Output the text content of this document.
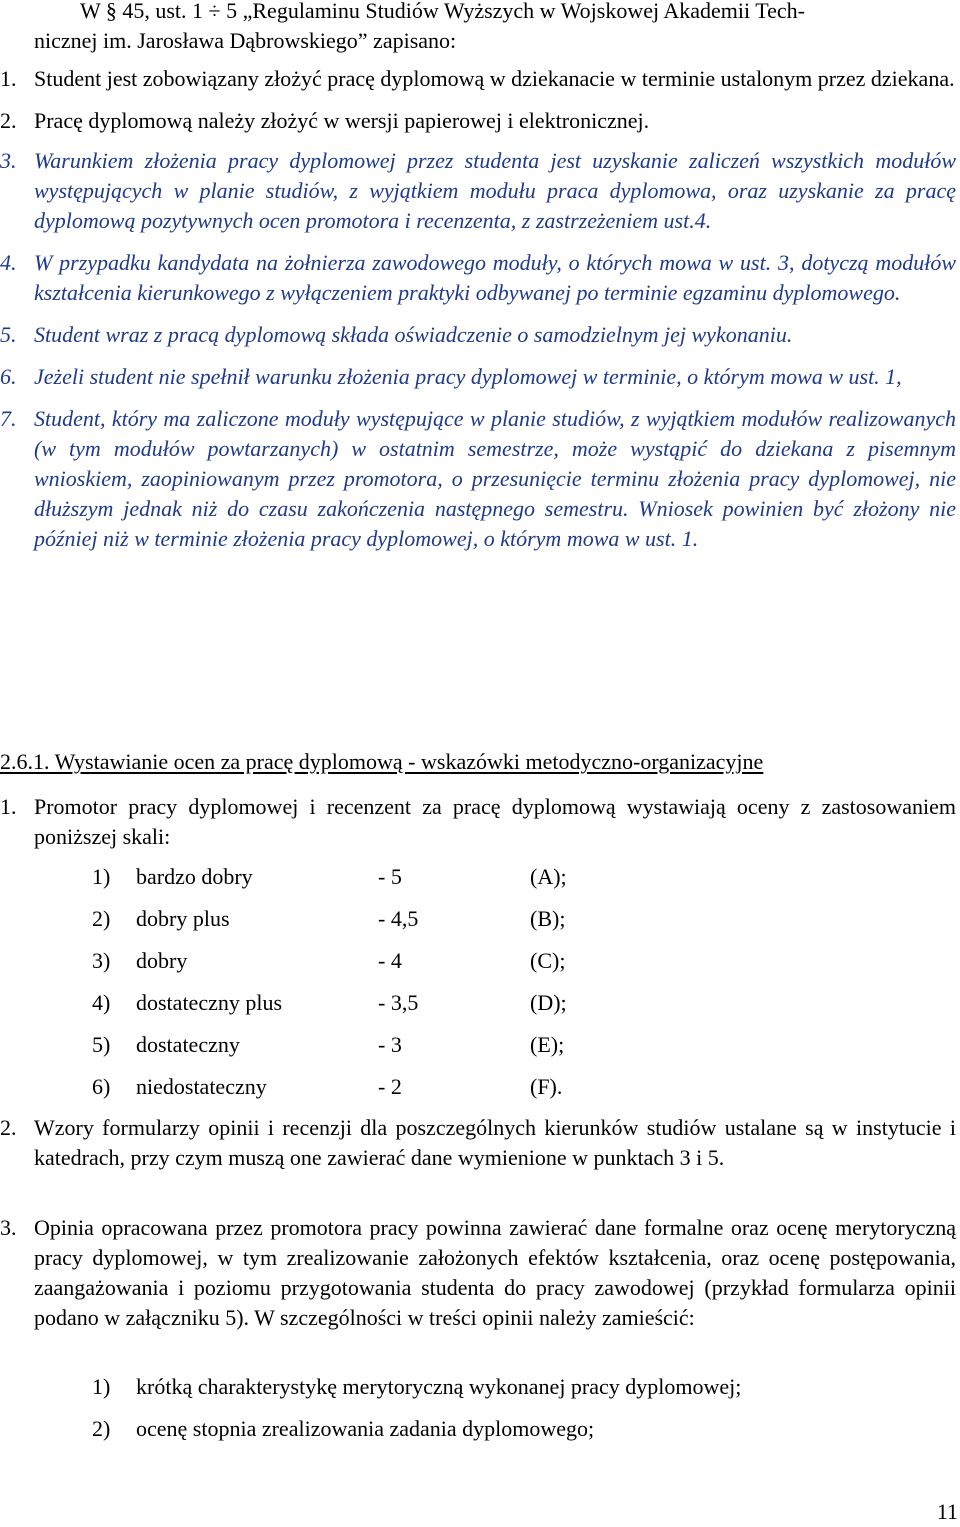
W § 45, ust. 1 ÷ 5 „Regulaminu Studiów Wyższych w Wojskowej Akademii Tech-
nicznej im. Jarosława Dąbrowskiego” zapisano:
1. Student jest zobowiązany złożyć pracę dyplomową w dziekanacie w terminie ustalonym przez dziekana.
2. Pracę dyplomową należy złożyć w wersji papierowej i elektronicznej.
3. Warunkiem złożenia pracy dyplomowej przez studenta jest uzyskanie zaliczeń wszystkich modułów występujących w planie studiów, z wyjątkiem modułu praca dyplomowa, oraz uzyskanie za pracę dyplomową pozytywnych ocen promotora i recenzenta, z zastrzeżeniem ust.4.
4. W przypadku kandydata na żołnierza zawodowego moduły, o których mowa w ust. 3, dotyczą modułów kształcenia kierunkowego z wyłączeniem praktyki odbywanej po terminie egzaminu dyplomowego.
5. Student wraz z pracą dyplomową składa oświadczenie o samodzielnym jej wykonaniu.
6. Jeżeli student nie spełnił warunku złożenia pracy dyplomowej w terminie, o którym mowa w ust. 1,
7. Student, który ma zaliczone moduły występujące w planie studiów, z wyjątkiem modułów realizowanych (w tym modułów powtarzanych) w ostatnim semestrze, może wystąpić do dziekana z pisemnym wnioskiem, zaopiniowanym przez promotora, o przesunięcie terminu złożenia pracy dyplomowej, nie dłuższym jednak niż do czasu zakończenia następnego semestru. Wniosek powinien być złożony nie później niż w terminie złożenia pracy dyplomowej, o którym mowa w ust. 1.
2.6.1. Wystawianie ocen za pracę dyplomową - wskazówki metodyczno-organizacyjne
1. Promotor pracy dyplomowej i recenzent za pracę dyplomową wystawiają oceny z zastosowaniem poniższej skali:
1) bardzo dobry	- 5	(A);
2) dobry plus	- 4,5	(B);
3) dobry	- 4	(C);
4) dostateczny plus	- 3,5	(D);
5) dostateczny	- 3	(E);
6) niedostateczny	- 2	(F).
2. Wzory formularzy opinii i recenzji dla poszczególnych kierunków studiów ustalane są w instytucie i katedrach, przy czym muszą one zawierać dane wymienione w punktach 3 i 5.
3. Opinia opracowana przez promotora pracy powinna zawierać dane formalne oraz ocenę merytoryczną pracy dyplomowej, w tym zrealizowanie założonych efektów kształcenia, oraz ocenę postępowania, zaangażowania i poziomu przygotowania studenta do pracy zawodowej (przykład formularza opinii podano w załączniku 5). W szczególności w treści opinii należy zamieścić:
1) krótką charakterystykę merytoryczną wykonanej pracy dyplomowej;
2) ocenę stopnia zrealizowania zadania dyplomowego;
11
